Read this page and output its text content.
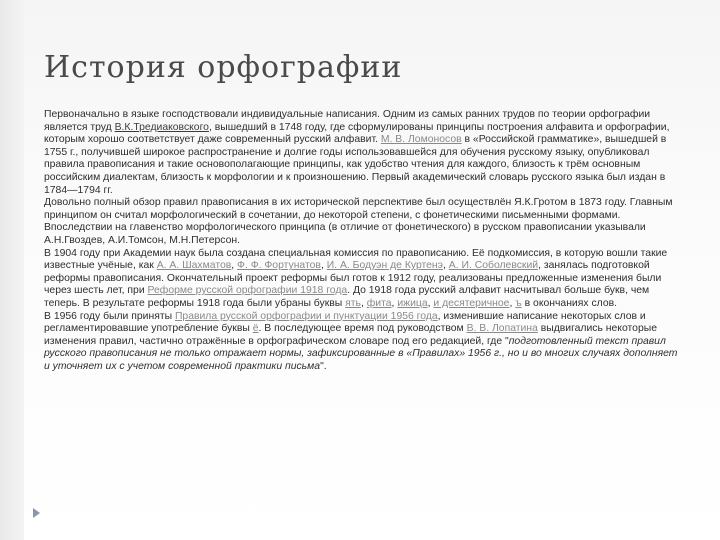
История орфографии

Первоначально в языке господствовали индивидуальные написания. Одним из самых ранних трудов по теории орфографии является труд В.К.Тредиаковского, вышедший в 1748 году, где сформулированы принципы построения алфавита и орфографии, которым хорошо соответствует даже современный русский алфавит. М. В. Ломоносов в «Российской грамматике», вышедшей в 1755 г., получившей широкое распространение и долгие годы использовавшейся для обучения русскому языку, опубликовал правила правописания и такие основополагающие принципы, как удобство чтения для каждого, близость к трём основным российским диалектам, близость к морфологии и к произношению. Первый академический словарь русского языка был издан в 1784—1794 гг.

Довольно полный обзор правил правописания в их исторической перспективе был осуществлён Я.К.Гротом в 1873 году. Главным принципом он считал морфологический в сочетании, до некоторой степени, с фонетическими письменными формами. Впоследствии на главенство морфологического принципа (в отличие от фонетического) в русском правописании указывали А.Н.Гвоздев, А.И.Томсон, М.Н.Петерсон.

В 1904 году при Академии наук была создана специальная комиссия по правописанию. Её подкомиссия, в которую вошли такие известные учёные, как А. А. Шахматов, Ф. Ф. Фортунатов, И. А. Бодуэн де Куртенэ, А. И. Соболевский, занялась подготовкой реформы правописания. Окончательный проект реформы был готов к 1912 году, реализованы предложенные изменения были через шесть лет, при Реформе русской орфографии 1918 года. До 1918 года русский алфавит насчитывал больше букв, чем теперь. В результате реформы 1918 года были убраны буквы ять, фита, ижица, и десятеричное, ъ в окончаниях слов.

В 1956 году были приняты Правила русской орфографии и пунктуации 1956 года, изменившие написание некоторых слов и регламентировавшие употребление буквы ё. В последующее время под руководством В. В. Лопатина выдвигались некоторые изменения правил, частично отражённые в орфографическом словаре под его редакцией, где "подготовленный текст правил русского правописания не только отражает нормы, зафиксированные в «Правилах» 1956 г., но и во многих случаях дополняет и уточняет их с учетом современной практики письма".
